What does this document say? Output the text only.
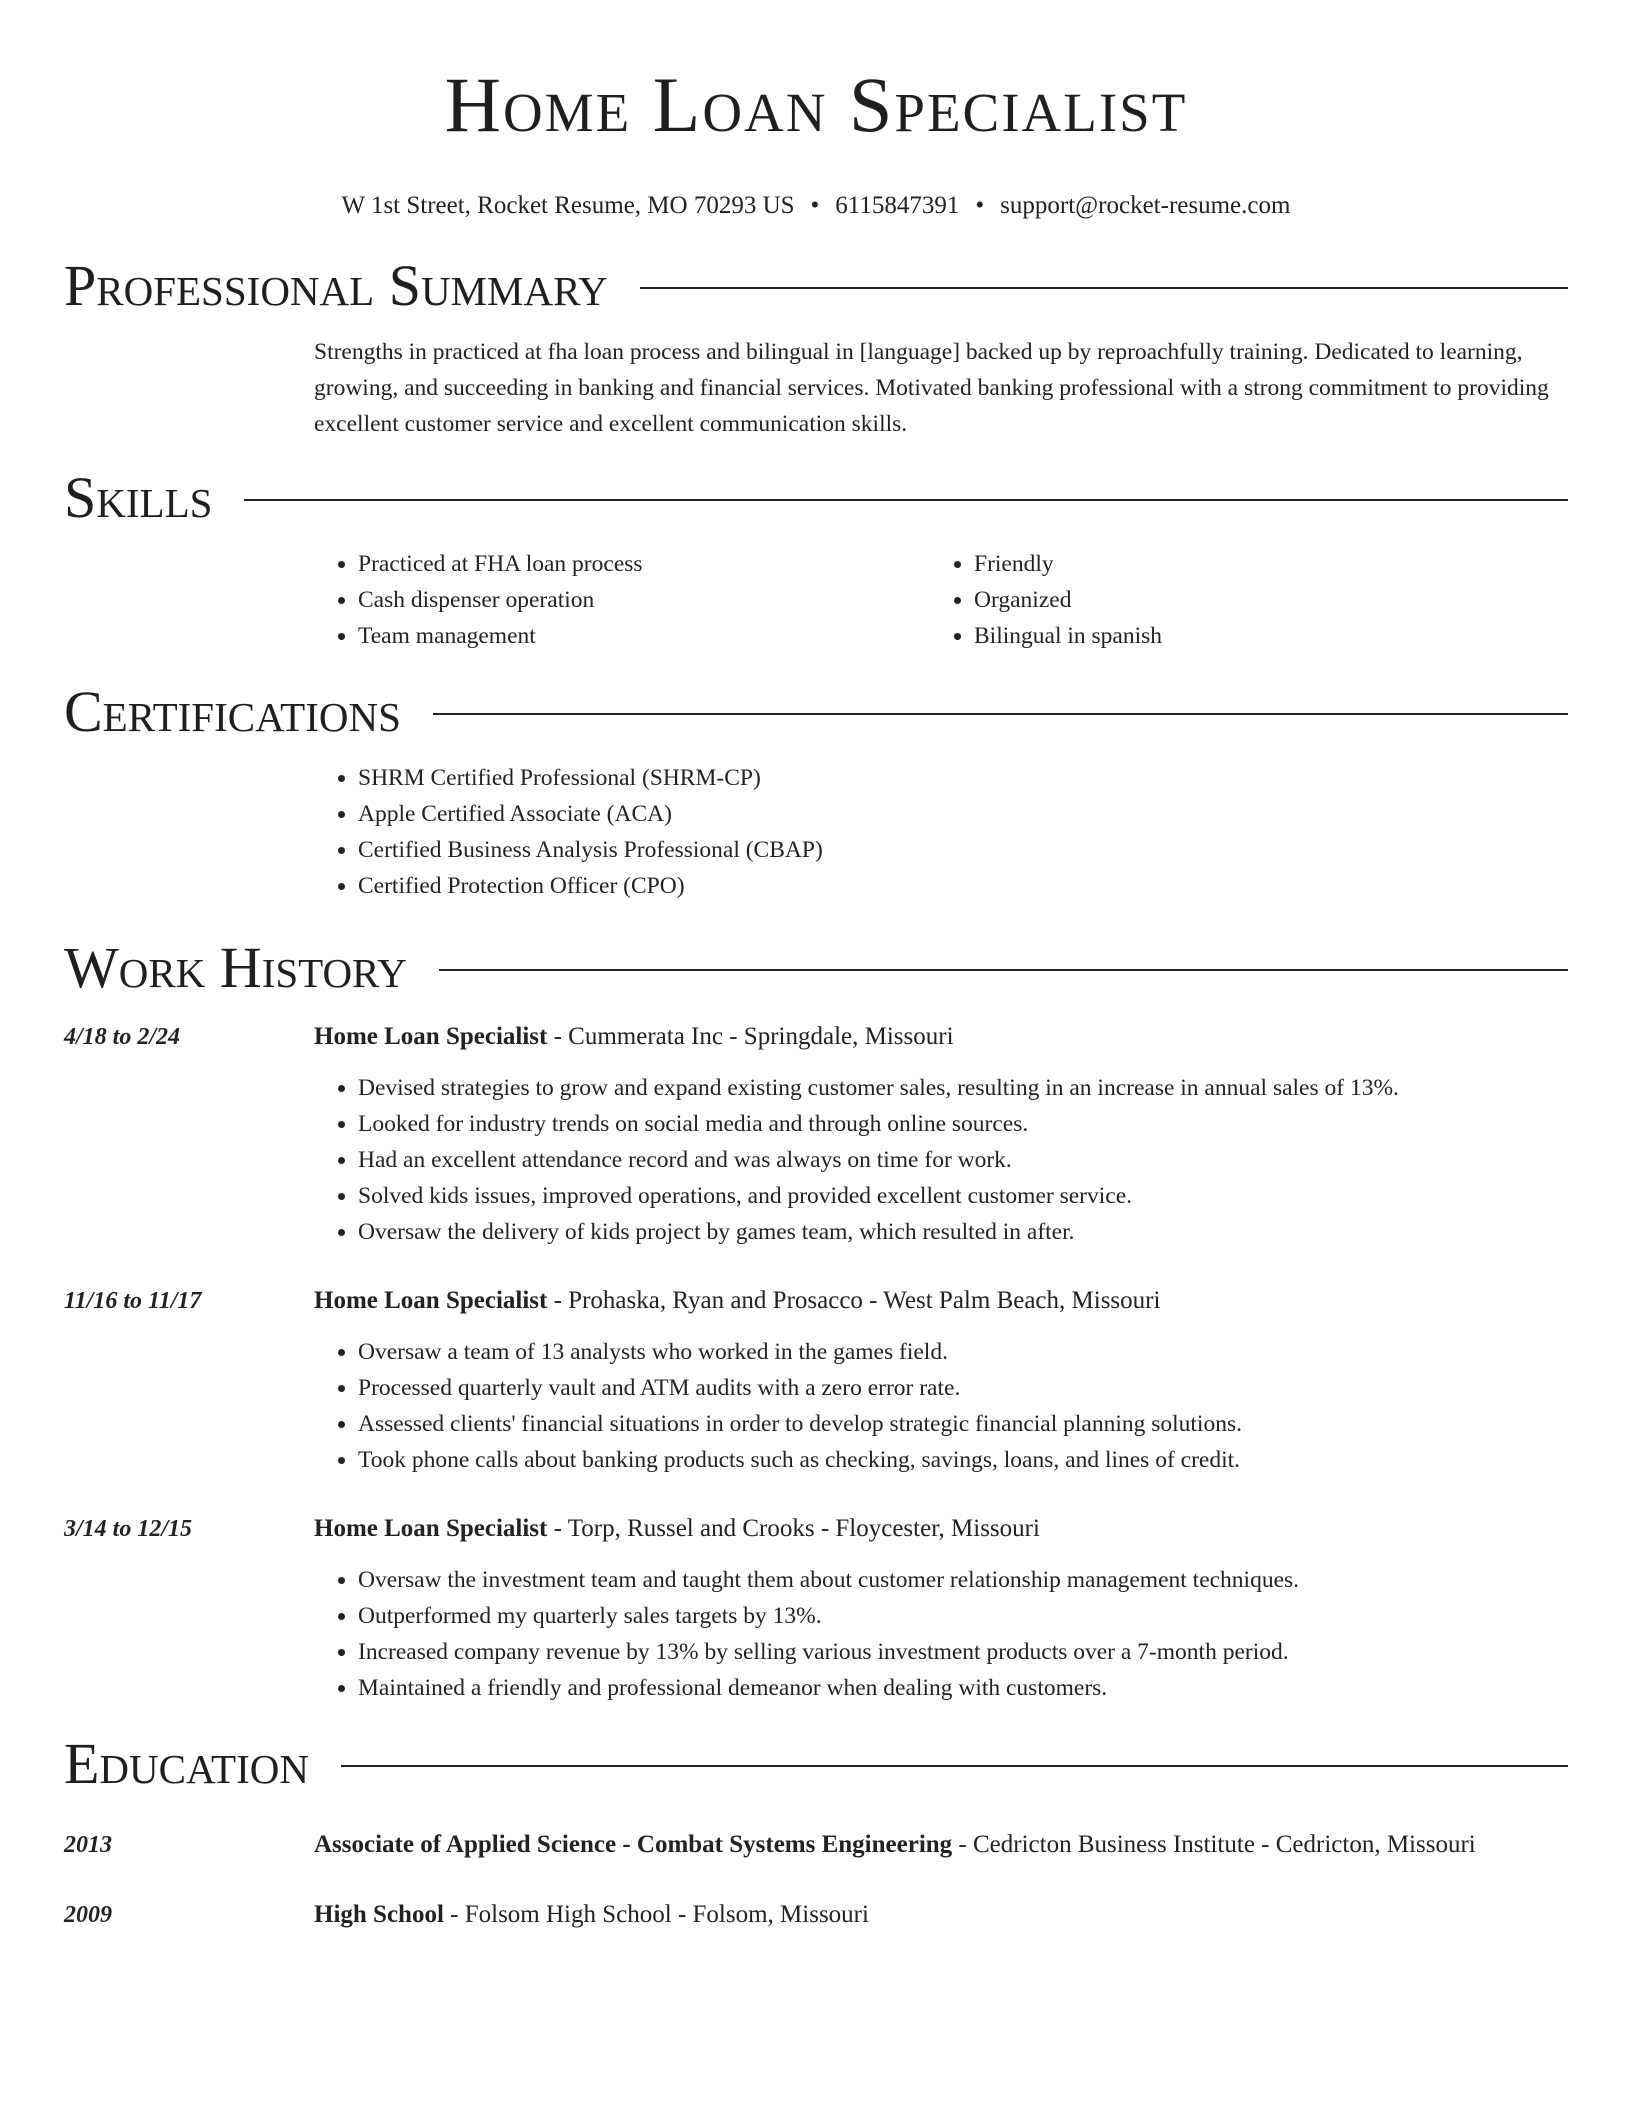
Home Loan Specialist
W 1st Street, Rocket Resume, MO 70293 US • 6115847391 • support@rocket-resume.com
Professional Summary
Strengths in practiced at fha loan process and bilingual in [language] backed up by reproachfully training. Dedicated to learning, growing, and succeeding in banking and financial services. Motivated banking professional with a strong commitment to providing excellent customer service and excellent communication skills.
Skills
• Practiced at FHA loan process
• Cash dispenser operation
• Team management
• Friendly
• Organized
• Bilingual in spanish
Certifications
• SHRM Certified Professional (SHRM-CP)
• Apple Certified Associate (ACA)
• Certified Business Analysis Professional (CBAP)
• Certified Protection Officer (CPO)
Work History
4/18 to 2/24	Home Loan Specialist - Cummerata Inc - Springdale, Missouri
• Devised strategies to grow and expand existing customer sales, resulting in an increase in annual sales of 13%.
• Looked for industry trends on social media and through online sources.
• Had an excellent attendance record and was always on time for work.
• Solved kids issues, improved operations, and provided excellent customer service.
• Oversaw the delivery of kids project by games team, which resulted in after.
11/16 to 11/17	Home Loan Specialist - Prohaska, Ryan and Prosacco - West Palm Beach, Missouri
• Oversaw a team of 13 analysts who worked in the games field.
• Processed quarterly vault and ATM audits with a zero error rate.
• Assessed clients' financial situations in order to develop strategic financial planning solutions.
• Took phone calls about banking products such as checking, savings, loans, and lines of credit.
3/14 to 12/15	Home Loan Specialist - Torp, Russel and Crooks - Floycester, Missouri
• Oversaw the investment team and taught them about customer relationship management techniques.
• Outperformed my quarterly sales targets by 13%.
• Increased company revenue by 13% by selling various investment products over a 7-month period.
• Maintained a friendly and professional demeanor when dealing with customers.
Education
2013	Associate of Applied Science - Combat Systems Engineering - Cedricton Business Institute - Cedricton, Missouri
2009	High School - Folsom High School - Folsom, Missouri
